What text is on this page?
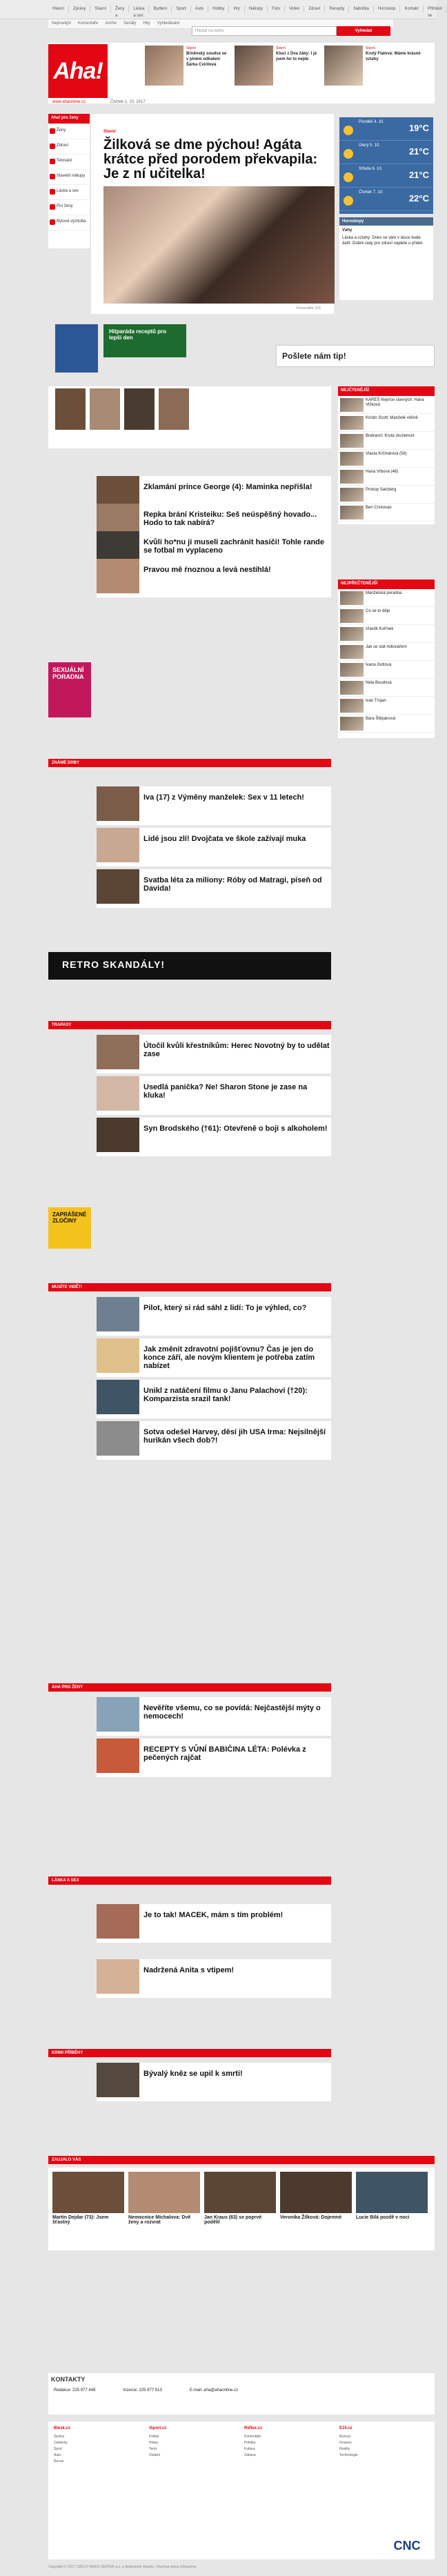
Hlavní	Zprávy	Slavní	Ženy a
Láska a sex
Bydlení	Sport	Auto	Hobby	Hry	Nákupy	Foto	Video	Zdraví	Recepty	Nabídka	Horoskop	Kontakt	Přihlásit se
Nejnovější Komentáře Archiv Seriály Hity Vyhledávání
Hledat na webu	Vyhledat
Aha!
www.ahaonline.cz	Čtvrtek 1. 10. 2017
Slavní
Brněnský soudce se v plném odhalení Šárka Cvirilová
Slavní
Kluci z Dva žáby: I já jsem ho to nejde
Slavní
Krutý Fialová: Máme krásné vztahy
Ženy
Zdraví
Tetování
Stavebí nákupy
Láska a sex
Pro ženy
Bytová výzdoba
Aha! pro ženy
Slavní
Žilková se dme pýchou! Agáta krátce před porodem překvapila: Je z ní učitelka!
Komentáře (14)
Pondělí 4. 10.
19°C
Úterý 5. 10.
21°C
Středa 6. 10.
21°C
Čtvrtek 7. 10.
22°C
Horoskopy
Váhy
Láska a vztahy: Dnes se vám v lásce bude dařit. Dobré rady pro zdraví najdete u přátel.
Hitparáda receptů pro lepší den
Pošlete nám tip!
NEJČTENĚJŠÍ
KAREŠ Nejvíce slavných: Hana Vlčková
Kristin Scott: Manželé věčně
Bratranci: Krutá zkušenost
Vlasta Krčmárová (58)
Hana Vrbová (48)
Prokop Salcberg
Ben Cristovao
NEJPŘEČTENĚJŠÍ
Manželská poradna
Co se to děje
Vlastík Kořínek
Jak se stát milionářem
Ivana Gottová
Nela Boudová
Ivan Trojan
Bára Štěpánová
Zklamání prince George (4): Maminka nepřišla!
Repka brání Kristeiku: Seš neúspěšný hovado... Hodo to tak nabírá?
Kvůli ho*nu ji museli zachránit hasiči! Tohle rande se fotbal m vyplaceno
Pravou mě ŕnoznou a levá nestihlá!
Iva (17) z Výměny manželek: Sex v 11 letech!
Lidé jsou zlí! Dvojčata ve škole zažívají muka
Svatba léta za miliony: Róby od Matragi, píseň od Davida!
Útočil kvůli křestníkům: Herec Novotný by to udělat zase
Usedlá panička? Ne! Sharon Stone je zase na kluka!
Syn Brodského (†61): Otevřeně o boji s alkoholem!
Pilot, který si rád sáhl z lidí: To je výhled, co?
Jak změnit zdravotní pojišťovnu? Čas je jen do konce září, ale novým klientem je potřeba zatím nabízet
Unikl z natáčení filmu o Janu Palachovi (†20): Komparzista srazil tank!
Sotva odešel Harvey, děsí jih USA Irma: Nejsilnější hurikán všech dob?!
Nevěříte všemu, co se povídá: Nejčastější mýty o nemocech!
RECEPTY S VŮNÍ BABIČINA LÉTA: Polévka z pečených rajčat
Je to tak! MACEK, mám s tím problém!
Nadržená Anita s vtipem!
Bývalý kněz se upil k smrti!
ZNÁMÉ DRBY
TRAPASY
MUSÍTE VIDĚT!
AHA PRO ŽENY
LÁSKA A SEX
KRIMI PŘÍBĚHY
ZAUJALO VÁS
SEXUÁLNÍ PORADNA
RETRO SKANDÁLY!
ZAPRÁŠENÉ ZLOČINY
Martin Dejdar (73): Jsem šťastný
Nemocnice Michalova: Dvě ženy a rozvrat
Jan Kraus (63) se poprvé podělil
Veronika Žilková: Dojemné	Lucie Bílá pozdě v noci
KONTAKTY
Redakce: 225 977 449	Inzerce: 225 977 513	E-mail: aha@ahaonline.cz
Blesk.cz
Zprávy
Celebrity
Sport
Auto
Revue
iSport.cz
Fotbal
Hokej
Tenis
Ostatní
Reflex.cz
Komentáře
Politika
Kultura
Zábava
E15.cz
Byznys
Finance
Reality
Technologie
CNC
Copyright © 2017 CZECH NEWS CENTER a.s. a dodavatelé obsahu. Všechna práva vyhrazena.
